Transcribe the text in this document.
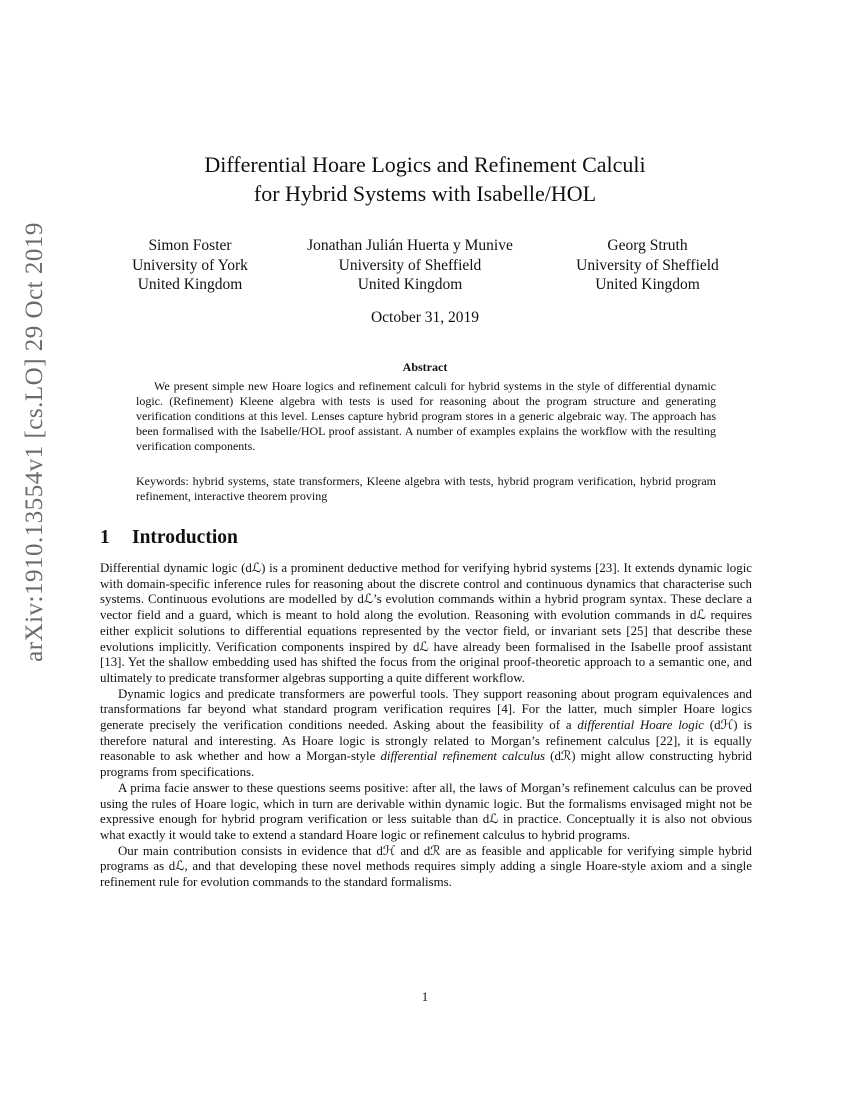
arXiv:1910.13554v1 [cs.LO] 29 Oct 2019
Differential Hoare Logics and Refinement Calculi
for Hybrid Systems with Isabelle/HOL
Simon Foster
University of York
United Kingdom
Jonathan Julián Huerta y Munive
University of Sheffield
United Kingdom
Georg Struth
University of Sheffield
United Kingdom
October 31, 2019
Abstract

We present simple new Hoare logics and refinement calculi for hybrid systems in the style of differential dynamic logic. (Refinement) Kleene algebra with tests is used for reasoning about the program structure and generating verification conditions at this level. Lenses capture hybrid program stores in a generic algebraic way. The approach has been formalised with the Isabelle/HOL proof assistant. A number of examples explains the workflow with the resulting verification components.

Keywords: hybrid systems, state transformers, Kleene algebra with tests, hybrid program verification, hybrid program refinement, interactive theorem proving

1 Introduction

Differential dynamic logic (dℒ) is a prominent deductive method for verifying hybrid systems [23]. It extends dynamic logic with domain-specific inference rules for reasoning about the discrete control and continuous dynamics that characterise such systems. Continuous evolutions are modelled by dℒ’s evolution commands within a hybrid program syntax. These declare a vector field and a guard, which is meant to hold along the evolution. Reasoning with evolution commands in dℒ requires either explicit solutions to differential equations represented by the vector field, or invariant sets [25] that describe these evolutions implicitly. Verification components inspired by dℒ have already been formalised in the Isabelle proof assistant [13]. Yet the shallow embedding used has shifted the focus from the original proof-theoretic approach to a semantic one, and ultimately to predicate transformer algebras supporting a quite different workflow.

Dynamic logics and predicate transformers are powerful tools. They support reasoning about program equivalences and transformations far beyond what standard program verification requires [4]. For the latter, much simpler Hoare logics generate precisely the verification conditions needed. Asking about the feasibility of a differential Hoare logic (dℋ) is therefore natural and interesting. As Hoare logic is strongly related to Morgan’s refinement calculus [22], it is equally reasonable to ask whether and how a Morgan-style differential refinement calculus (dℛ) might allow constructing hybrid programs from specifications.

A prima facie answer to these questions seems positive: after all, the laws of Morgan’s refinement calculus can be proved using the rules of Hoare logic, which in turn are derivable within dynamic logic. But the formalisms envisaged might not be expressive enough for hybrid program verification or less suitable than dℒ in practice. Conceptually it is also not obvious what exactly it would take to extend a standard Hoare logic or refinement calculus to hybrid programs.

Our main contribution consists in evidence that dℋ and dℛ are as feasible and applicable for verifying simple hybrid programs as dℒ, and that developing these novel methods requires simply adding a single Hoare-style axiom and a single refinement rule for evolution commands to the standard formalisms.

1
